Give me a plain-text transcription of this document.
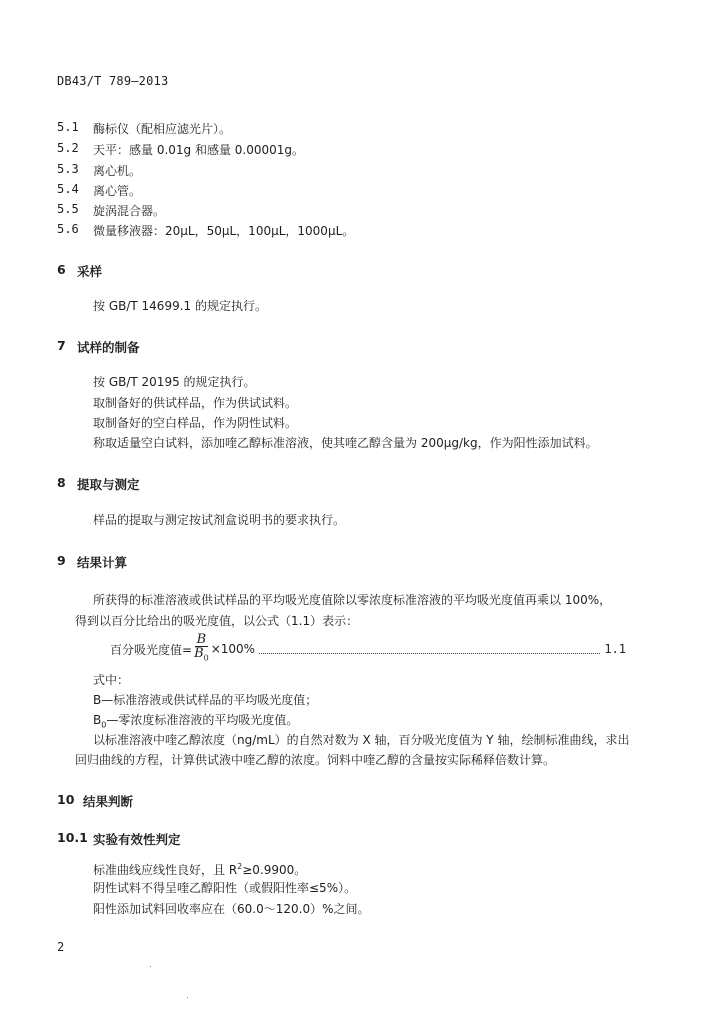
DB43/T 789—2013
5.1 酶标仪（配相应滤光片）。
5.2 天平：感量 0.01g 和感量 0.00001g。
5.3 离心机。
5.4 离心管。
5.5 旋涡混合器。
5.6 微量移液器：20μL，50μL，100μL，1000μL。
6 采样
按 GB/T 14699.1 的规定执行。
7 试样的制备
按 GB/T 20195 的规定执行。
取制备好的供试样品，作为供试试料。
取制备好的空白样品，作为阴性试料。
称取适量空白试料，添加喹乙醇标准溶液，使其喹乙醇含量为 200μg/kg，作为阳性添加试料。
8 提取与测定
样品的提取与测定按试剂盒说明书的要求执行。
9 结果计算
所获得的标准溶液或供试样品的平均吸光度值除以零浓度标准溶液的平均吸光度值再乘以 100%，
得到以百分比给出的吸光度值，以公式（1.1）表示：
百分吸光度值= $\frac{B}{B_0} \times 100\%$	1.1
式中：
B—标准溶液或供试样品的平均吸光度值；
$B_0—$零浓度标准溶液的平均吸光度值。
以标准溶液中喹乙醇浓度（ng/mL）的自然对数为 X 轴，百分吸光度值为 Y 轴，绘制标准曲线，求出
回归曲线的方程，计算供试液中喹乙醇的浓度。饲料中喹乙醇的含量按实际稀释倍数计算。
10 结果判断
10.1 实验有效性判定
标准曲线应线性良好，且 $R^2\ge 0.9900$。
阴性试料不得呈喹乙醇阳性（或假阳性率≤5%）。
阳性添加试料回收率应在（60.0～120.0）%之间。
2
